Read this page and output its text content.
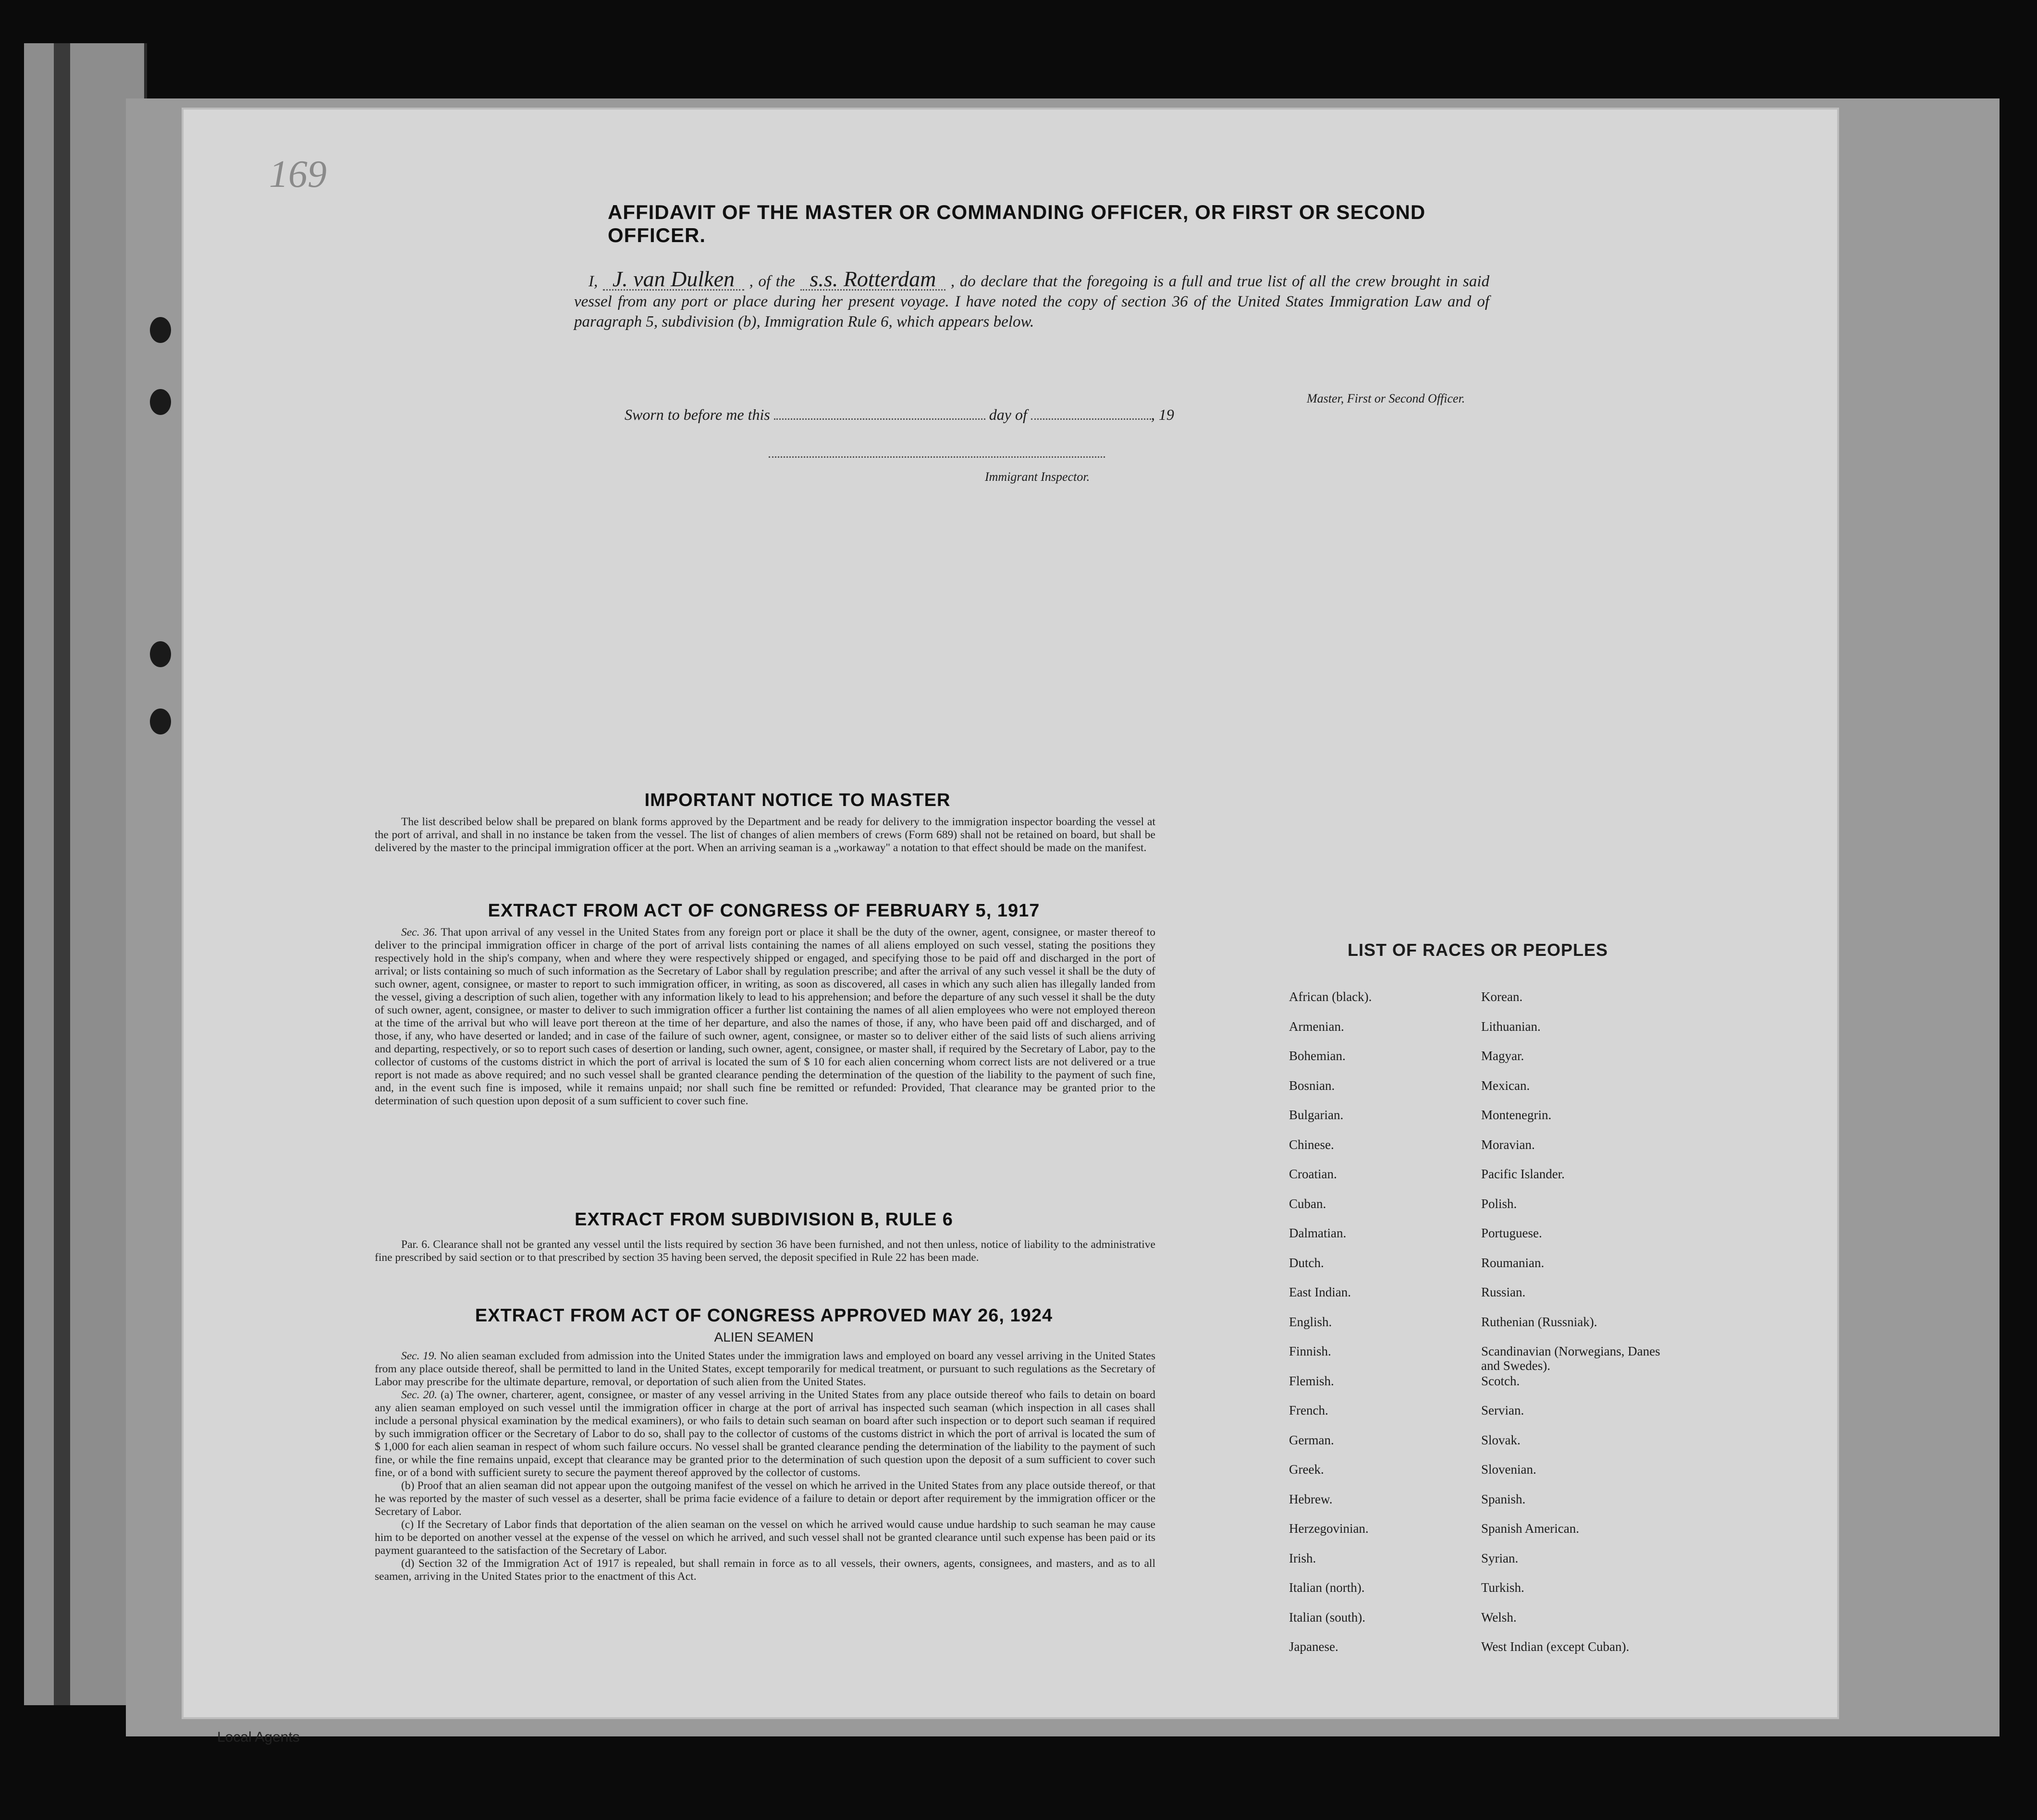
Local Agents
169
AFFIDAVIT OF THE MASTER OR COMMANDING OFFICER, OR FIRST OR SECOND OFFICER.
I, J. van Dulken , of the s.s. Rotterdam , do declare that the foregoing is a full and true list of all the crew brought in said vessel from any port or place during her present voyage. I have noted the copy of section 36 of the United States Immigration Law and of paragraph 5, subdivision (b), Immigration Rule 6, which appears below.
Master, First or Second Officer.
Sworn to before me this	day of	, 19
Immigrant Inspector.
IMPORTANT NOTICE TO MASTER

The list described below shall be prepared on blank forms approved by the Department and be ready for delivery to the immigration inspector boarding the vessel at the port of arrival, and shall in no instance be taken from the vessel. The list of changes of alien members of crews (Form 689) shall not be retained on board, but shall be delivered by the master to the principal immigration officer at the port. When an arriving seaman is a „workaway" a notation to that effect should be made on the manifest.

EXTRACT FROM ACT OF CONGRESS OF FEBRUARY 5, 1917

Sec. 36. That upon arrival of any vessel in the United States from any foreign port or place it shall be the duty of the owner, agent, consignee, or master thereof to deliver to the principal immigration officer in charge of the port of arrival lists containing the names of all aliens employed on such vessel, stating the positions they respectively hold in the ship's company, when and where they were respectively shipped or engaged, and specifying those to be paid off and discharged in the port of arrival; or lists containing so much of such information as the Secretary of Labor shall by regulation prescribe; and after the arrival of any such vessel it shall be the duty of such owner, agent, consignee, or master to report to such immigration officer, in writing, as soon as discovered, all cases in which any such alien has illegally landed from the vessel, giving a description of such alien, together with any information likely to lead to his apprehension; and before the departure of any such vessel it shall be the duty of such owner, agent, consignee, or master to deliver to such immigration officer a further list containing the names of all alien employees who were not employed thereon at the time of the arrival but who will leave port thereon at the time of her departure, and also the names of those, if any, who have been paid off and discharged, and of those, if any, who have deserted or landed; and in case of the failure of such owner, agent, consignee, or master so to deliver either of the said lists of such aliens arriving and departing, respectively, or so to report such cases of desertion or landing, such owner, agent, consignee, or master shall, if required by the Secretary of Labor, pay to the collector of customs of the customs district in which the port of arrival is located the sum of $ 10 for each alien concerning whom correct lists are not delivered or a true report is not made as above required; and no such vessel shall be granted clearance pending the determination of the question of the liability to the payment of such fine, and, in the event such fine is imposed, while it remains unpaid; nor shall such fine be remitted or refunded: Provided, That clearance may be granted prior to the determination of such question upon deposit of a sum sufficient to cover such fine.

EXTRACT FROM SUBDIVISION B, RULE 6

Par. 6. Clearance shall not be granted any vessel until the lists required by section 36 have been furnished, and not then unless, notice of liability to the administrative fine prescribed by said section or to that prescribed by section 35 having been served, the deposit specified in Rule 22 has been made.

EXTRACT FROM ACT OF CONGRESS APPROVED MAY 26, 1924
ALIEN SEAMEN

Sec. 19. No alien seaman excluded from admission into the United States under the immigration laws and employed on board any vessel arriving in the United States from any place outside thereof, shall be permitted to land in the United States, except temporarily for medical treatment, or pursuant to such regulations as the Secretary of Labor may prescribe for the ultimate departure, removal, or deportation of such alien from the United States.

Sec. 20. (a) The owner, charterer, agent, consignee, or master of any vessel arriving in the United States from any place outside thereof who fails to detain on board any alien seaman employed on such vessel until the immigration officer in charge at the port of arrival has inspected such seaman (which inspection in all cases shall include a personal physical examination by the medical examiners), or who fails to detain such seaman on board after such inspection or to deport such seaman if required by such immigration officer or the Secretary of Labor to do so, shall pay to the collector of customs of the customs district in which the port of arrival is located the sum of $ 1,000 for each alien seaman in respect of whom such failure occurs. No vessel shall be granted clearance pending the determination of the liability to the payment of such fine, or while the fine remains unpaid, except that clearance may be granted prior to the determination of such question upon the deposit of a sum sufficient to cover such fine, or of a bond with sufficient surety to secure the payment thereof approved by the collector of customs.

(b) Proof that an alien seaman did not appear upon the outgoing manifest of the vessel on which he arrived in the United States from any place outside thereof, or that he was reported by the master of such vessel as a deserter, shall be prima facie evidence of a failure to detain or deport after requirement by the immigration officer or the Secretary of Labor.

(c) If the Secretary of Labor finds that deportation of the alien seaman on the vessel on which he arrived would cause undue hardship to such seaman he may cause him to be deported on another vessel at the expense of the vessel on which he arrived, and such vessel shall not be granted clearance until such expense has been paid or its payment guaranteed to the satisfaction of the Secretary of Labor.

(d) Section 32 of the Immigration Act of 1917 is repealed, but shall remain in force as to all vessels, their owners, agents, consignees, and masters, and as to all seamen, arriving in the United States prior to the enactment of this Act.

LIST OF RACES OR PEOPLES
African (black).
Armenian.
Bohemian.
Bosnian.
Bulgarian.
Chinese.
Croatian.
Cuban.
Dalmatian.
Dutch.
East Indian.
English.
Finnish.
Flemish.
French.
German.
Greek.
Hebrew.
Herzegovinian.
Irish.
Italian (north).
Italian (south).
Japanese.
Korean.
Lithuanian.
Magyar.
Mexican.
Montenegrin.
Moravian.
Pacific Islander.
Polish.
Portuguese.
Roumanian.
Russian.
Ruthenian (Russniak).
Scandinavian (Norwegians, Danes and Swedes).
Scotch.
Servian.
Slovak.
Slovenian.
Spanish.
Spanish American.
Syrian.
Turkish.
Welsh.
West Indian (except Cuban).
